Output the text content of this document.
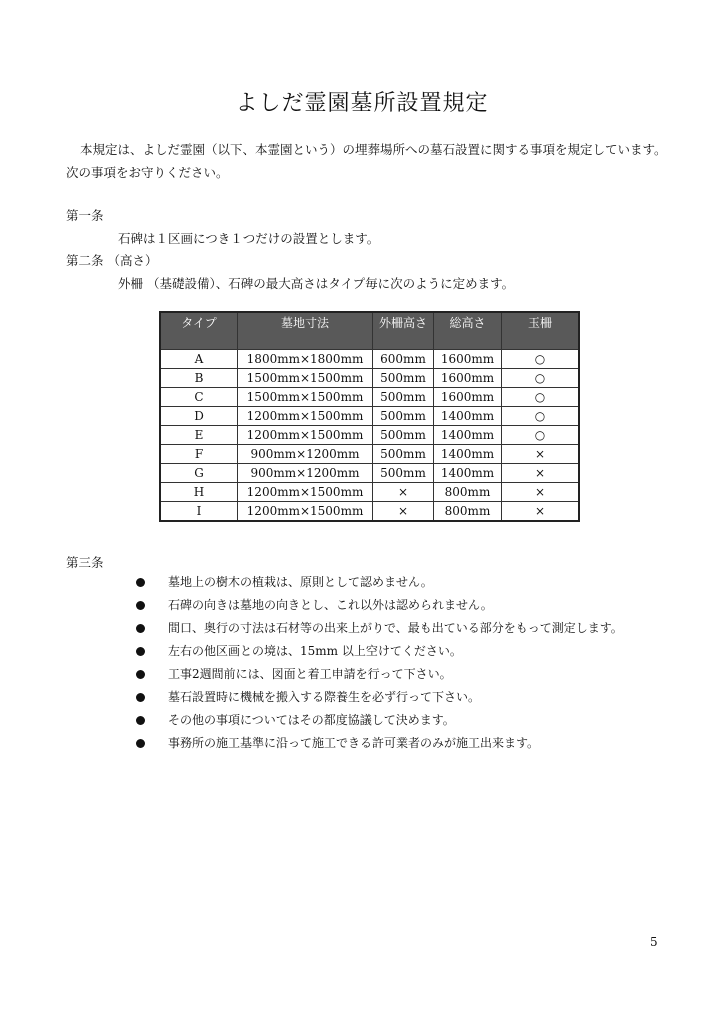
よしだ霊園墓所設置規定
本規定は、よしだ霊園（以下、本霊園という）の埋葬場所への墓石設置に関する事項を規定しています。
次の事項をお守りください。
第一条
石碑は１区画につき１つだけの設置とします。
第二条 （高さ）
外柵 （基礎設備）、石碑の最大高さはタイプ毎に次のように定めます。
タイプ	墓地寸法	外柵高さ	総高さ	玉柵
A	1800mm×1800mm	600mm	1600mm	○
B	1500mm×1500mm	500mm	1600mm	○
C	1500mm×1500mm	500mm	1600mm	○
D	1200mm×1500mm	500mm	1400mm	○
E	1200mm×1500mm	500mm	1400mm	○
F	900mm×1200mm	500mm	1400mm	×
G	900mm×1200mm	500mm	1400mm	×
H	1200mm×1500mm	×	800mm	×
I	1200mm×1500mm	×	800mm	×
第三条
墓地上の樹木の植栽は、原則として認めません。
石碑の向きは墓地の向きとし、これ以外は認められません。
間口、奥行の寸法は石材等の出来上がりで、最も出ている部分をもって測定します。
左右の他区画との境は、15mm 以上空けてください。
工事2週間前には、図面と着工申請を行って下さい。
墓石設置時に機械を搬入する際養生を必ず行って下さい。
その他の事項についてはその都度協議して決めます。
事務所の施工基準に沿って施工できる許可業者のみが施工出来ます。
5
